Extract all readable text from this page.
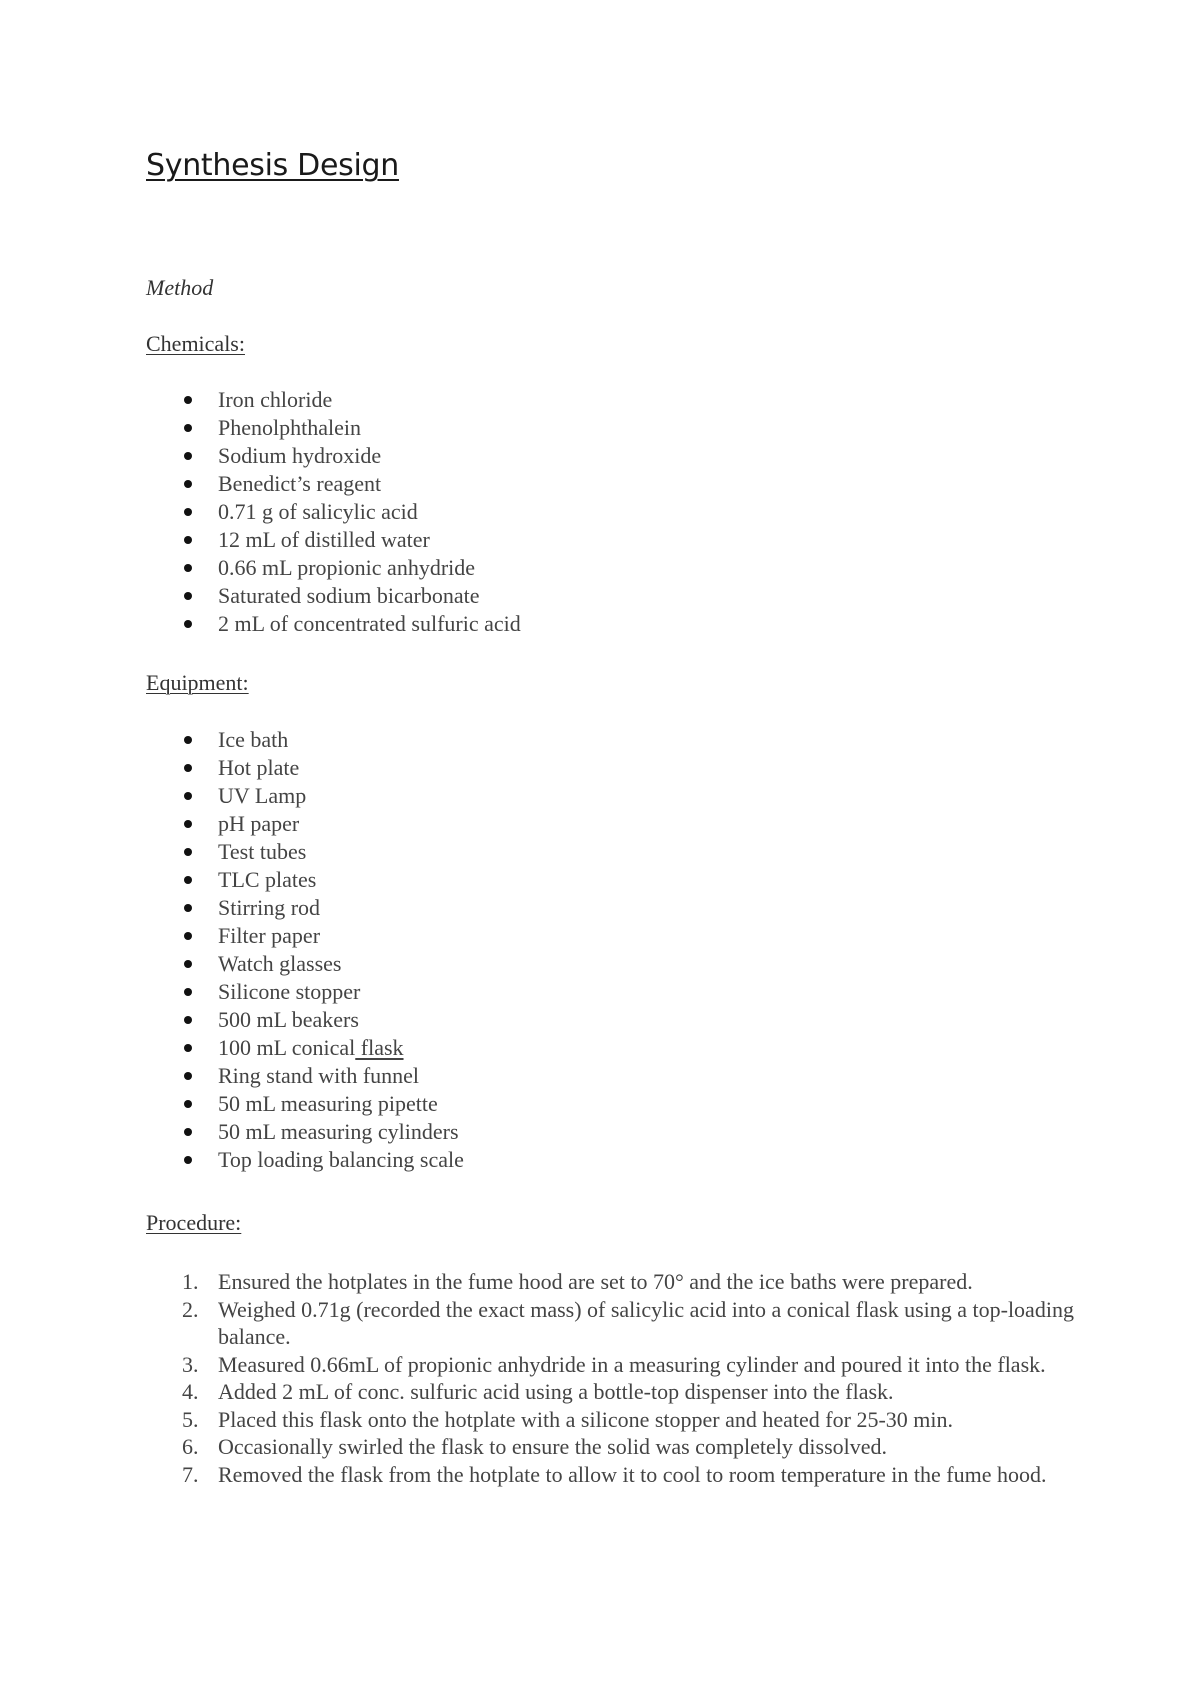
Synthesis Design

Method

Chemicals:

Iron chloride
Phenolphthalein
Sodium hydroxide
Benedict’s reagent
0.71 g of salicylic acid
12 mL of distilled water
0.66 mL propionic anhydride
Saturated sodium bicarbonate
2 mL of concentrated sulfuric acid

Equipment:

Ice bath
Hot plate
UV Lamp
pH paper
Test tubes
TLC plates
Stirring rod
Filter paper
Watch glasses
Silicone stopper
500 mL beakers
100 mL conical flask
Ring stand with funnel
50 mL measuring pipette
50 mL measuring cylinders
Top loading balancing scale

Procedure:

1. Ensured the hotplates in the fume hood are set to 70° and the ice baths were prepared.
2. Weighed 0.71g (recorded the exact mass) of salicylic acid into a conical flask using a top-loading balance.
3. Measured 0.66mL of propionic anhydride in a measuring cylinder and poured it into the flask.
4. Added 2 mL of conc. sulfuric acid using a bottle-top dispenser into the flask.
5. Placed this flask onto the hotplate with a silicone stopper and heated for 25-30 min.
6. Occasionally swirled the flask to ensure the solid was completely dissolved.
7. Removed the flask from the hotplate to allow it to cool to room temperature in the fume hood.
